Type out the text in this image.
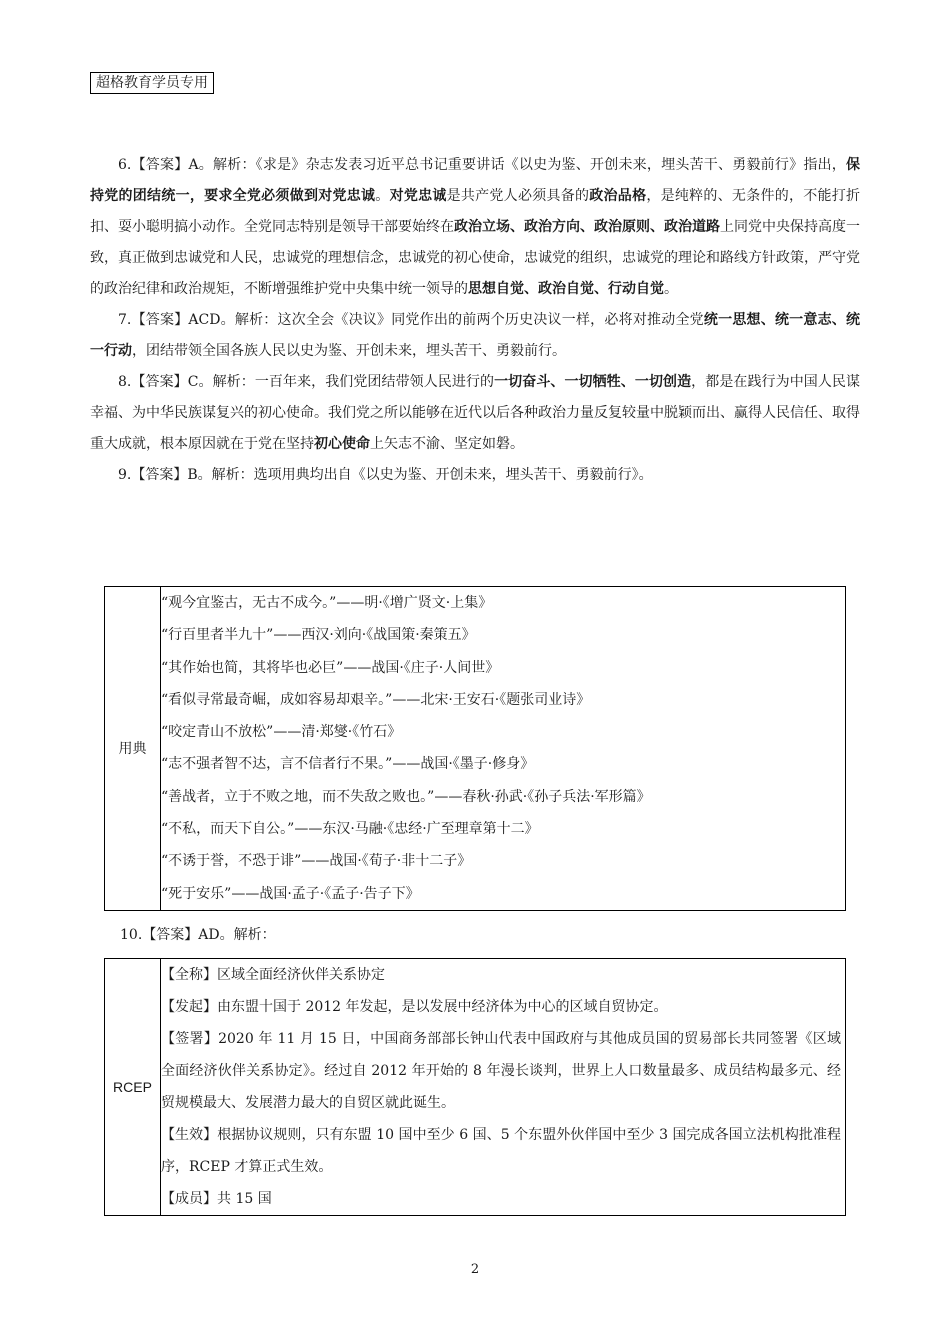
超格教育学员专用

6.【答案】A。解析：《求是》杂志发表习近平总书记重要讲话《以史为鉴、开创未来，埋头苦干、勇毅前行》指出，保持党的团结统一，要求全党必须做到对党忠诚。对党忠诚是共产党人必须具备的政治品格，是纯粹的、无条件的，不能打折扣、耍小聪明搞小动作。全党同志特别是领导干部要始终在政治立场、政治方向、政治原则、政治道路上同党中央保持高度一致，真正做到忠诚党和人民，忠诚党的理想信念，忠诚党的初心使命，忠诚党的组织，忠诚党的理论和路线方针政策，严守党的政治纪律和政治规矩，不断增强维护党中央集中统一领导的思想自觉、政治自觉、行动自觉。

7.【答案】ACD。解析：这次全会《决议》同党作出的前两个历史决议一样，必将对推动全党统一思想、统一意志、统一行动，团结带领全国各族人民以史为鉴、开创未来，埋头苦干、勇毅前行。

8.【答案】C。解析：一百年来，我们党团结带领人民进行的一切奋斗、一切牺牲、一切创造，都是在践行为中国人民谋幸福、为中华民族谋复兴的初心使命。我们党之所以能够在近代以后各种政治力量反复较量中脱颖而出、赢得人民信任、取得重大成就，根本原因就在于党在坚持初心使命上矢志不渝、坚定如磐。

9.【答案】B。解析：选项用典均出自《以史为鉴、开创未来，埋头苦干、勇毅前行》。

用典	
“观今宜鉴古，无古不成今。”——明·《增广贤文·上集》
“行百里者半九十”——西汉·刘向·《战国策·秦策五》
“其作始也简，其将毕也必巨”——战国·《庄子·人间世》
“看似寻常最奇崛，成如容易却艰辛。”——北宋·王安石·《题张司业诗》
“咬定青山不放松”——清·郑燮·《竹石》
“志不强者智不达，言不信者行不果。”——战国·《墨子·修身》
“善战者，立于不败之地，而不失敌之败也。”——春秋·孙武·《孙子兵法·军形篇》
“不私，而天下自公。”——东汉·马融·《忠经·广至理章第十二》
“不诱于誉，不恐于诽”——战国·《荀子·非十二子》
“死于安乐”——战国·孟子·《孟子·告子下》
10.【答案】AD。解析：
RCEP	
【全称】区域全面经济伙伴关系协定
【发起】由东盟十国于 2012 年发起，是以发展中经济体为中心的区域自贸协定。
【签署】2020 年 11 月 15 日，中国商务部部长钟山代表中国政府与其他成员国的贸易部长共同签署《区域全面经济伙伴关系协定》。经过自 2012 年开始的 8 年漫长谈判，世界上人口数量最多、成员结构最多元、经贸规模最大、发展潜力最大的自贸区就此诞生。
【生效】根据协议规则，只有东盟 10 国中至少 6 国、5 个东盟外伙伴国中至少 3 国完成各国立法机构批准程序，RCEP 才算正式生效。
【成员】共 15 国
2
